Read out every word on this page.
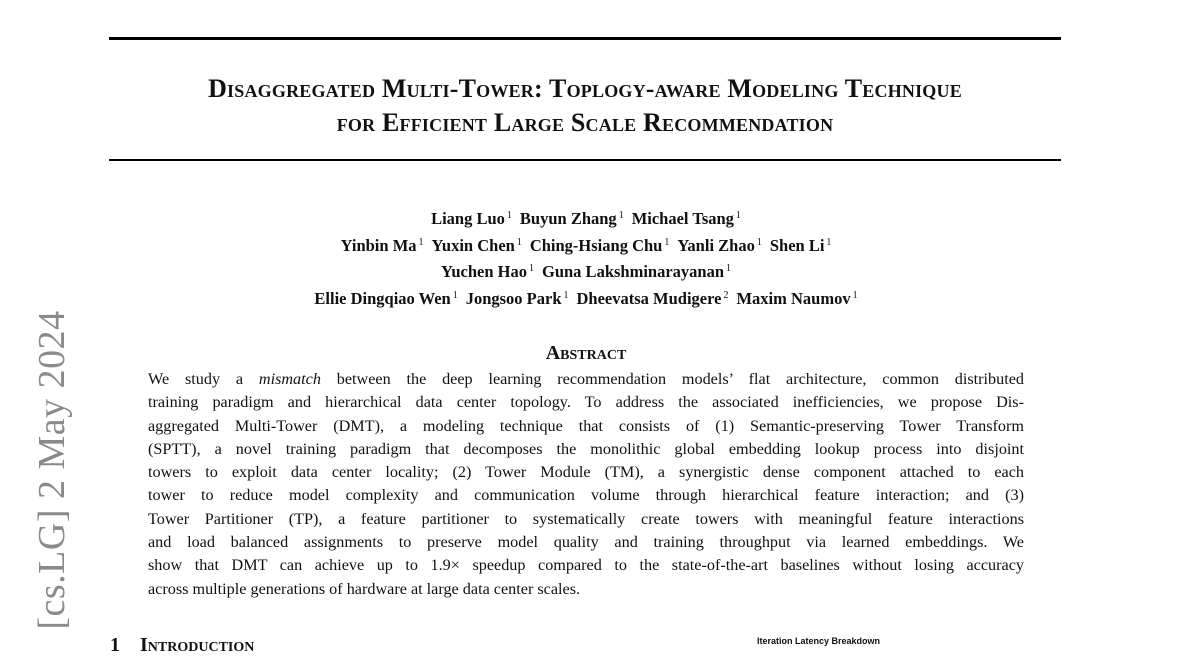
Disaggregated Multi-Tower: Toplogy-aware Modeling Technique
for Efficient Large Scale Recommendation
Liang Luo $^1$ Buyun Zhang $^1$ Michael Tsang $^1$
Yinbin Ma $^1$ Yuxin Chen $^1$ Ching-Hsiang Chu $^1$ Yanli Zhao $^1$ Shen Li $^1$
Yuchen Hao $^1$ Guna Lakshminarayanan $^1$
Ellie Dingqiao Wen $^1$ Jongsoo Park $^1$ Dheevatsa Mudigere $^2$ Maxim Naumov $^1$
Abstract
We study a mismatch between the deep learning recommendation models’ flat architecture, common distributed
training paradigm and hierarchical data center topology. To address the associated inefficiencies, we propose Dis-
aggregated Multi-Tower (DMT), a modeling technique that consists of (1) Semantic-preserving Tower Transform
(SPTT), a novel training paradigm that decomposes the monolithic global embedding lookup process into disjoint
towers to exploit data center locality; (2) Tower Module (TM), a synergistic dense component attached to each
tower to reduce model complexity and communication volume through hierarchical feature interaction; and (3)
Tower Partitioner (TP), a feature partitioner to systematically create towers with meaningful feature interactions
and load balanced assignments to preserve model quality and training throughput via learned embeddings. We
show that DMT can achieve up to 1.9× speedup compared to the state-of-the-art baselines without losing accuracy
across multiple generations of hardware at large data center scales.
[cs.LG] 2 May 2024
1 Introduction	Iteration Latency Breakdown
